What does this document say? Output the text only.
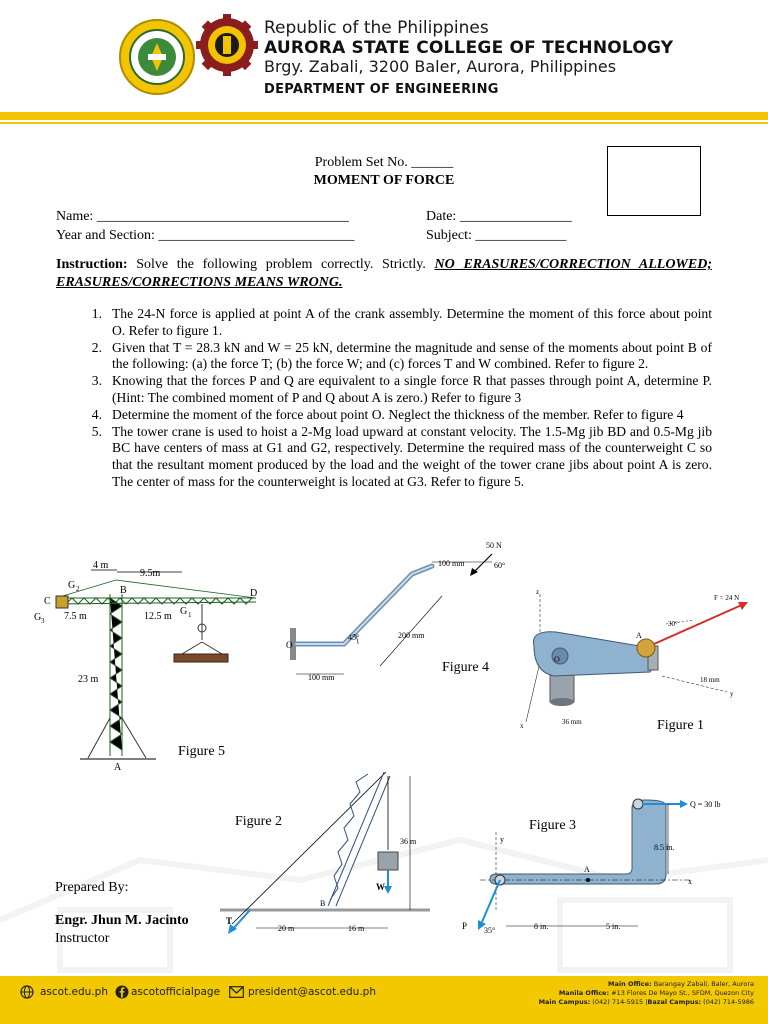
Republic of the Philippines
AURORA STATE COLLEGE OF TECHNOLOGY
Brgy. Zabali, 3200 Baler, Aurora, Philippines
DEPARTMENT OF ENGINEERING
Problem Set No. ______
MOMENT OF FORCE
Name: ____________________________________
Year and Section: ____________________________
Date: ________________
Subject: _____________
Instruction: Solve the following problem correctly. Strictly. NO ERASURES/CORRECTION ALLOWED; ERASURES/CORRECTIONS MEANS WRONG.
1. The 24-N force is applied at point A of the crank assembly. Determine the moment of this force about point O. Refer to figure 1.
2. Given that T = 28.3 kN and W = 25 kN, determine the magnitude and sense of the moments about point B of the following: (a) the force T; (b) the force W; and (c) forces T and W combined. Refer to figure 2.
3. Knowing that the forces P and Q are equivalent to a single force R that passes through point A, determine P. (Hint: The combined moment of P and Q about A is zero.) Refer to figure 3
4. Determine the moment of the force about point O. Neglect the thickness of the member. Refer to figure 4
5. The tower crane is used to hoist a 2-Mg load upward at constant velocity. The 1.5-Mg jib BD and 0.5-Mg jib BC have centers of mass at G1 and G2, respectively. Determine the required mass of the counterweight C so that the resultant moment produced by the load and the weight of the tower crane jibs about point A is zero. The center of mass for the counterweight is located at G3. Refer to figure 5.
4 m
9.5m
G 2	B
C
G 3 7.5 m	12.5 m G 1
D
23 m
A
Figure 5
50 N
60°
100 mm
200 mm
45°
100 mm
O
Figure 4
F = 24 N
30°
A
O
18 mm
36 mm
y
x
z
Figure 1
36 m
20 m	16 m
B
W
T
Figure 2
Q = 30 lb
8.5 in.
8 in.	5 in.
35°
P
A
x
y
Figure 3
Prepared By:
Engr. Jhun M. Jacinto
Instructor
ascot.edu.ph ascotofficialpage	president@ascot.edu.ph
Main Office: Barangay Zabali, Baler, Aurora
Manila Office: #13 Flores De Mayo St., SFDM, Quezon City
Main Campus: (042) 714-5915 |Bazal Campus: (042) 714-5986
